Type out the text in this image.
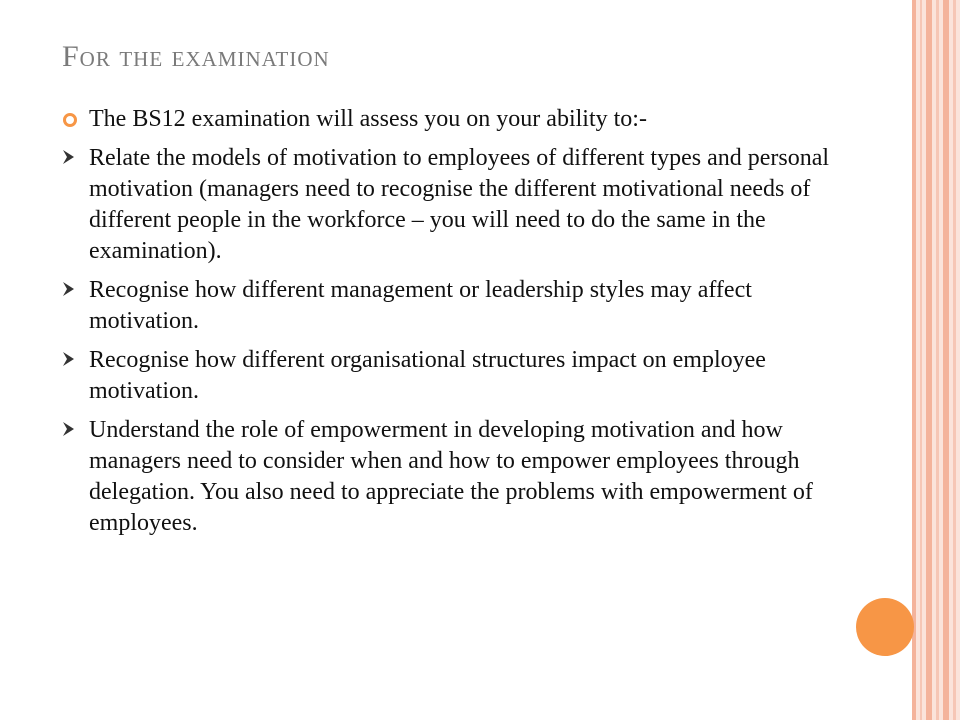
For the examination
The BS12 examination will assess you on your ability to:-
Relate the models of motivation to employees of different types and personal motivation (managers need to recognise the different motivational needs of different people in the workforce – you will need to do the same in the examination).
Recognise how different management or leadership styles may affect motivation.
Recognise how different organisational structures impact on employee motivation.
Understand the role of empowerment in developing motivation and how managers need to consider when and how to empower employees through delegation. You also need to appreciate the problems with empowerment of employees.
